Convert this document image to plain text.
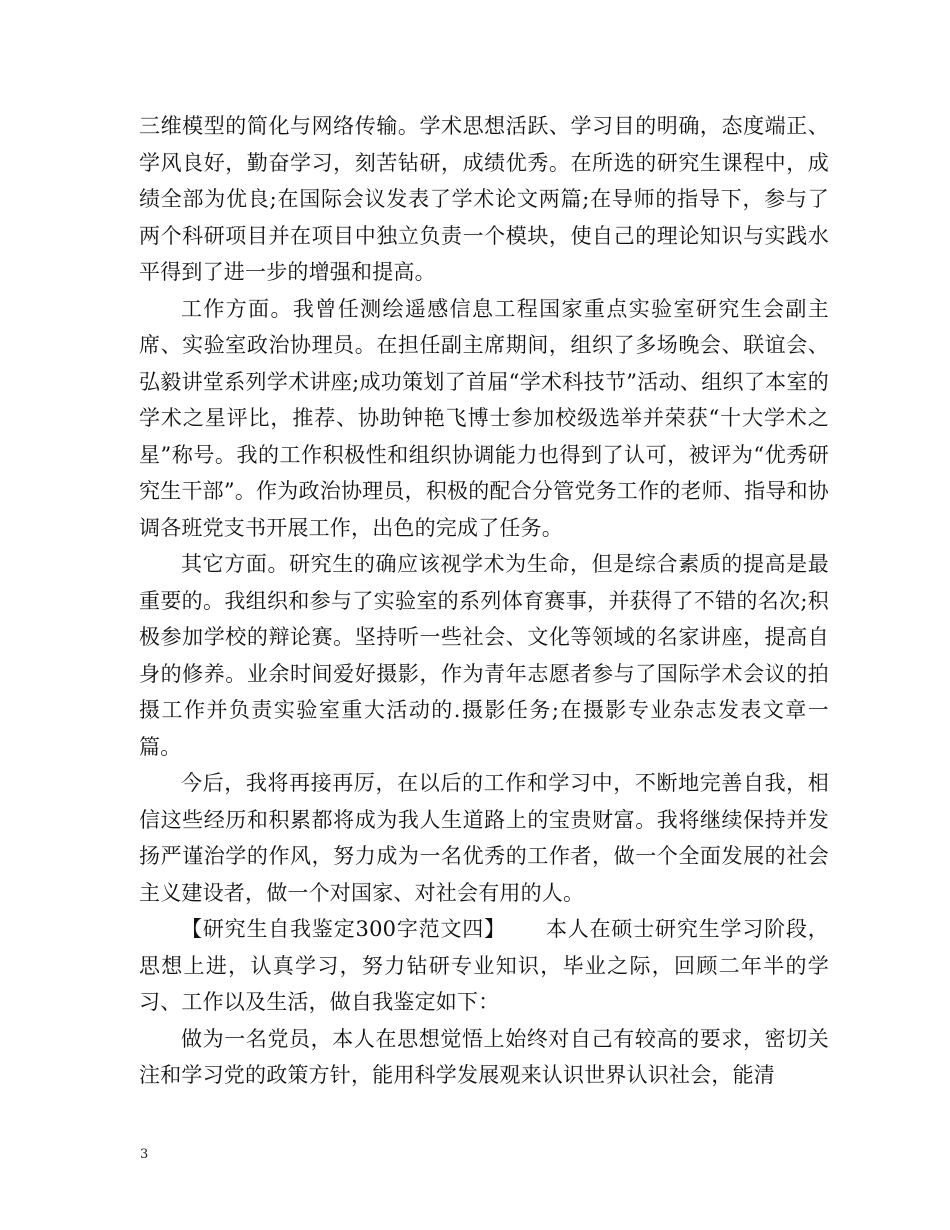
三维模型的简化与网络传输。学术思想活跃、学习目的明确，态度端正、学风良好，勤奋学习，刻苦钻研，成绩优秀。在所选的研究生课程中，成绩全部为优良;在国际会议发表了学术论文两篇;在导师的指导下，参与了两个科研项目并在项目中独立负责一个模块，使自己的理论知识与实践水平得到了进一步的增强和提高。

工作方面。我曾任测绘遥感信息工程国家重点实验室研究生会副主席、实验室政治协理员。在担任副主席期间，组织了多场晚会、联谊会、弘毅讲堂系列学术讲座;成功策划了首届“学术科技节”活动、组织了本室的学术之星评比，推荐、协助钟艳飞博士参加校级选举并荣获“十大学术之星”称号。我的工作积极性和组织协调能力也得到了认可，被评为“优秀研究生干部”。作为政治协理员，积极的配合分管党务工作的老师、指导和协调各班党支书开展工作，出色的完成了任务。

其它方面。研究生的确应该视学术为生命，但是综合素质的提高是最重要的。我组织和参与了实验室的系列体育赛事，并获得了不错的名次;积极参加学校的辩论赛。坚持听一些社会、文化等领域的名家讲座，提高自身的修养。业余时间爱好摄影，作为青年志愿者参与了国际学术会议的拍摄工作并负责实验室重大活动的.摄影任务;在摄影专业杂志发表文章一篇。

今后，我将再接再厉，在以后的工作和学习中，不断地完善自我，相信这些经历和积累都将成为我人生道路上的宝贵财富。我将继续保持并发扬严谨治学的作风，努力成为一名优秀的工作者，做一个全面发展的社会主义建设者，做一个对国家、对社会有用的人。

【研究生自我鉴定300字范文四】 本人在硕士研究生学习阶段，思想上进，认真学习，努力钻研专业知识，毕业之际，回顾二年半的学习、工作以及生活，做自我鉴定如下：

做为一名党员，本人在思想觉悟上始终对自己有较高的要求，密切关注和学习党的政策方针，能用科学发展观来认识世界认识社会，能清

3
